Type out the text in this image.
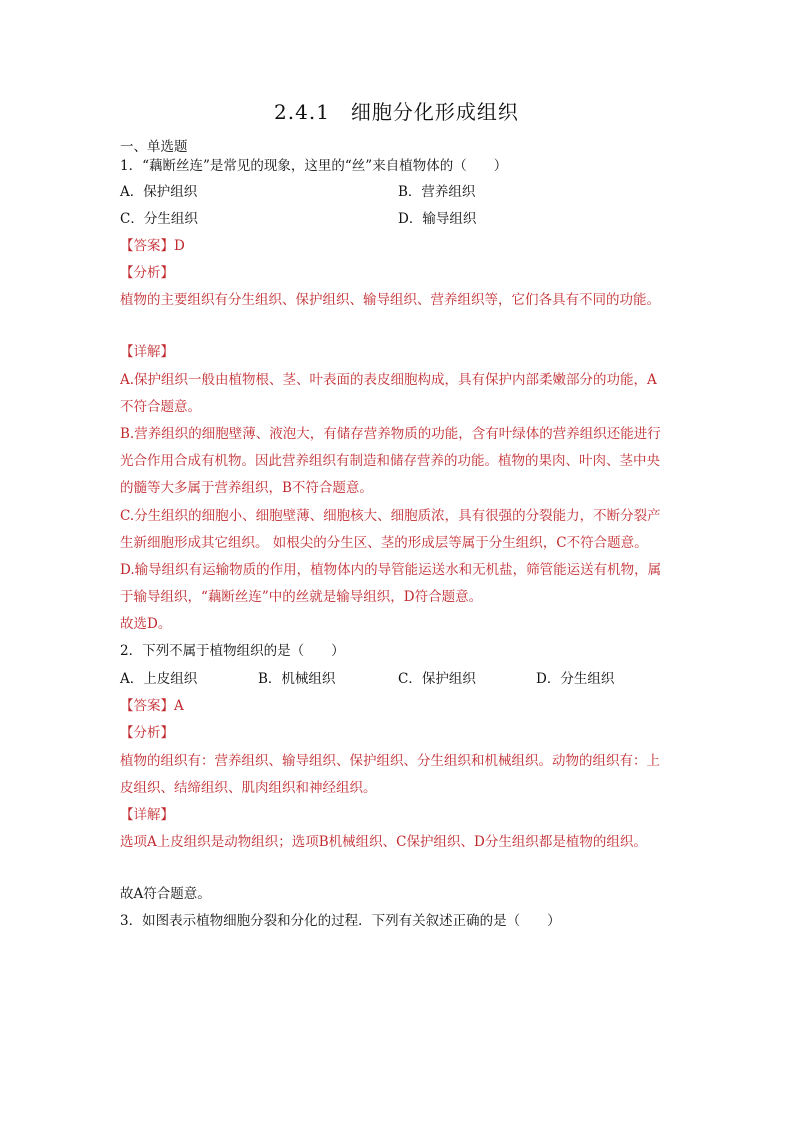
2.4.1　细胞分化形成组织
一、单选题
1．“藕断丝连”是常见的现象，这里的“丝”来自植物体的（　　）
A．保护组织	B．营养组织
C．分生组织	D．输导组织
【答案】D
【分析】
植物的主要组织有分生组织、保护组织、输导组织、营养组织等，它们各具有不同的功能。
【详解】
A.保护组织一般由植物根、茎、叶表面的表皮细胞构成，具有保护内部柔嫩部分的功能，A
不符合题意。
B.营养组织的细胞壁薄、液泡大，有储存营养物质的功能，含有叶绿体的营养组织还能进行
光合作用合成有机物。因此营养组织有制造和储存营养的功能。植物的果肉、叶肉、茎中央
的髓等大多属于营养组织，B不符合题意。
C.分生组织的细胞小、细胞壁薄、细胞核大、细胞质浓，具有很强的分裂能力，不断分裂产
生新细胞形成其它组织。 如根尖的分生区、茎的形成层等属于分生组织，C不符合题意。
D.输导组织有运输物质的作用，植物体内的导管能运送水和无机盐，筛管能运送有机物，属
于输导组织，“藕断丝连”中的丝就是输导组织，D符合题意。
故选D。
2．下列不属于植物组织的是（　　）
A．上皮组织	B．机械组织	C．保护组织	D．分生组织
【答案】A
【分析】
植物的组织有：营养组织、输导组织、保护组织、分生组织和机械组织。动物的组织有：上
皮组织、结缔组织、肌肉组织和神经组织。
【详解】
选项A上皮组织是动物组织；选项B机械组织、C保护组织、D分生组织都是植物的组织。
故A符合题意。
3．如图表示植物细胞分裂和分化的过程．下列有关叙述正确的是（　　）
